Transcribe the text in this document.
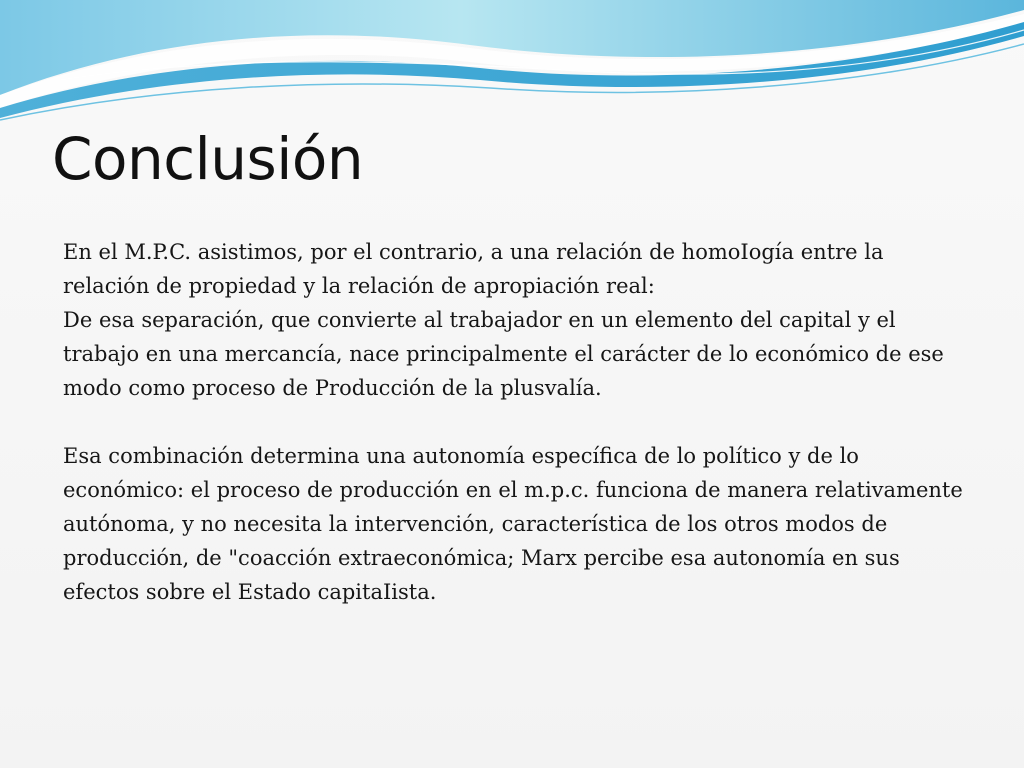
Conclusión

En el M.P.C. asistimos, por el contrario, a una relación de homoIogía entre la relación de propiedad y la relación de apropiación real:

De esa separación, que convierte al trabajador en un elemento del capital y el trabajo en una mercancía, nace principalmente el carácter de lo económico de ese modo como proceso de Producción de la plusvalía.

Esa combinación determina una autonomía específica de lo político y de lo económico: el proceso de producción en el m.p.c. funciona de manera relativamente autónoma, y no necesita la intervención, característica de los otros modos de producción, de "coacción extraeconómica; Marx percibe esa autonomía en sus efectos sobre el Estado capitaIista.
